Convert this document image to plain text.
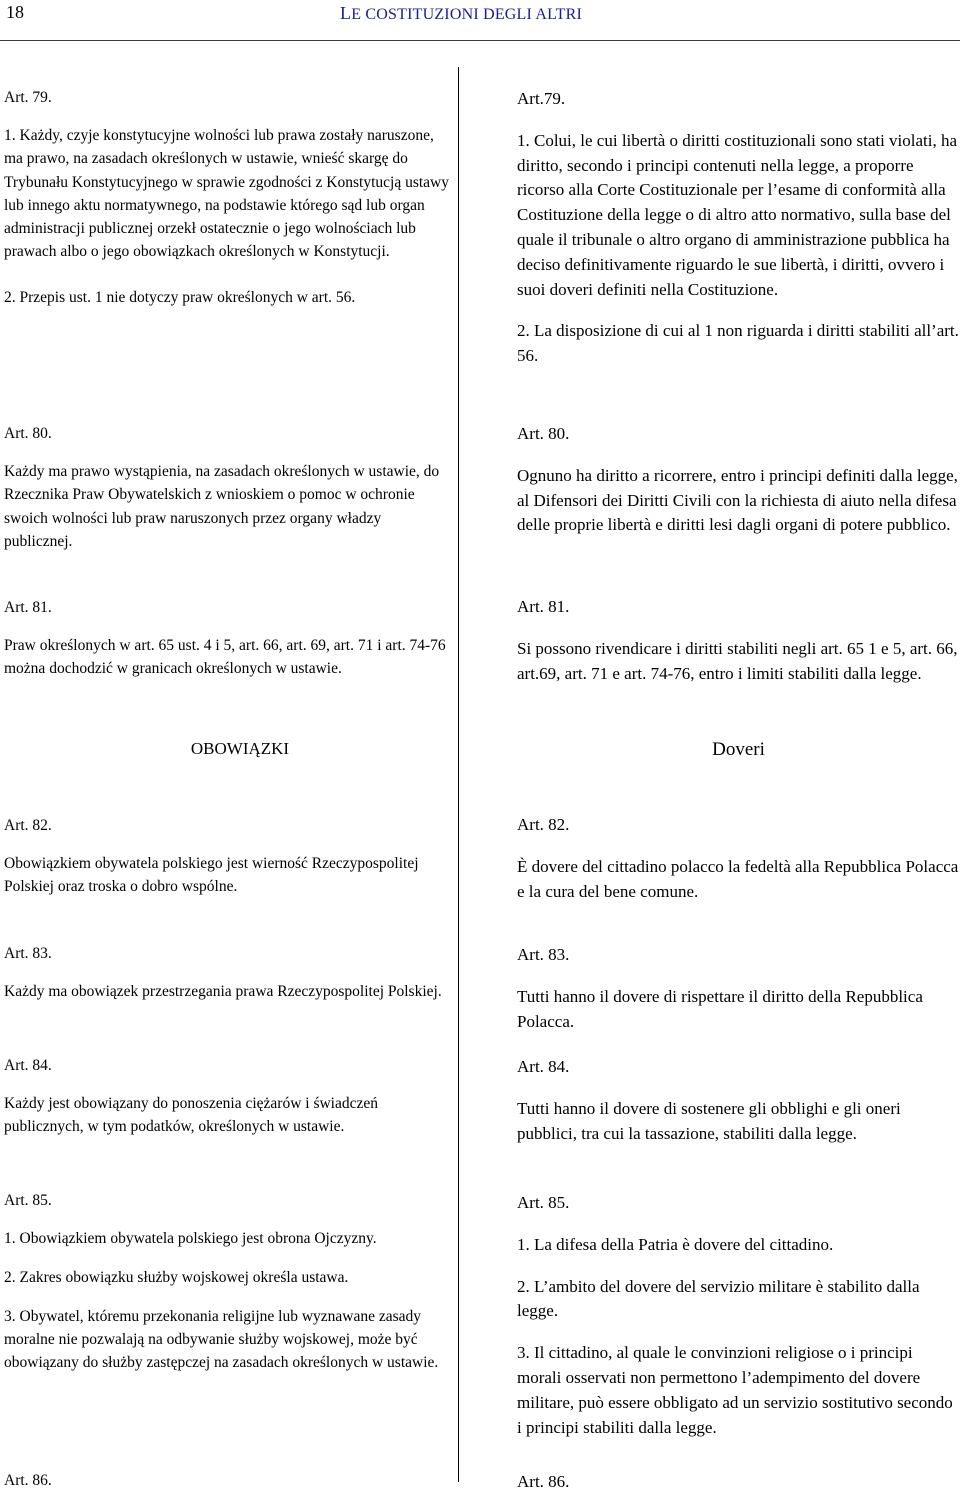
18	LE COSTITUZIONI DEGLI ALTRI

Art. 79.

1. Każdy, czyje konstytucyjne wolności lub prawa zostały naruszone, ma prawo, na zasadach określonych w ustawie, wnieść skargę do Trybunału Konstytucyjnego w sprawie zgodności z Konstytucją ustawy lub innego aktu normatywnego, na podstawie którego sąd lub organ administracji publicznej orzekł ostatecznie o jego wolnościach lub prawach albo o jego obowiązkach określonych w Konstytucji.

2. Przepis ust. 1 nie dotyczy praw określonych w art. 56.

Art. 80.

Każdy ma prawo wystąpienia, na zasadach określonych w ustawie, do Rzecznika Praw Obywatelskich z wnioskiem o pomoc w ochronie swoich wolności lub praw naruszonych przez organy władzy publicznej.

Art. 81.

Praw określonych w art. 65 ust. 4 i 5, art. 66, art. 69, art. 71 i art. 74-76 można dochodzić w granicach określonych w ustawie.

OBOWIĄZKI

Art. 82.

Obowiązkiem obywatela polskiego jest wierność Rzeczypospolitej Polskiej oraz troska o dobro wspólne.

Art. 83.

Każdy ma obowiązek przestrzegania prawa Rzeczypospolitej Polskiej.

Art. 84.

Każdy jest obowiązany do ponoszenia ciężarów i świadczeń publicznych, w tym podatków, określonych w ustawie.

Art. 85.

1. Obowiązkiem obywatela polskiego jest obrona Ojczyzny.

2. Zakres obowiązku służby wojskowej określa ustawa.

3. Obywatel, któremu przekonania religijne lub wyznawane zasady moralne nie pozwalają na odbywanie służby wojskowej, może być obowiązany do służby zastępczej na zasadach określonych w ustawie.

Art. 86.

Art.79.

1. Colui, le cui libertà o diritti costituzionali sono stati violati, ha diritto, secondo i principi contenuti nella legge, a proporre ricorso alla Corte Costituzionale per l’esame di conformità alla Costituzione della legge o di altro atto normativo, sulla base del quale il tribunale o altro organo di amministrazione pubblica ha deciso definitivamente riguardo le sue libertà, i diritti, ovvero i suoi doveri definiti nella Costituzione.

2. La disposizione di cui al 1 non riguarda i diritti stabiliti all’art. 56.

Art. 80.

Ognuno ha diritto a ricorrere, entro i principi definiti dalla legge, al Difensori dei Diritti Civili con la richiesta di aiuto nella difesa delle proprie libertà e diritti lesi dagli organi di potere pubblico.

Art. 81.

Si possono rivendicare i diritti stabiliti negli art. 65 1 e 5, art. 66, art.69, art. 71 e art. 74-76, entro i limiti stabiliti dalla legge.

Doveri

Art. 82.

È dovere del cittadino polacco la fedeltà alla Repubblica Polacca e la cura del bene comune.

Art. 83.

Tutti hanno il dovere di rispettare il diritto della Repubblica Polacca.

Art. 84.

Tutti hanno il dovere di sostenere gli obblighi e gli oneri pubblici, tra cui la tassazione, stabiliti dalla legge.

Art. 85.

1. La difesa della Patria è dovere del cittadino.

2. L’ambito del dovere del servizio militare è stabilito dalla legge.

3. Il cittadino, al quale le convinzioni religiose o i principi morali osservati non permettono l’adempimento del dovere militare, può essere obbligato ad un servizio sostitutivo secondo i principi stabiliti dalla legge.

Art. 86.
